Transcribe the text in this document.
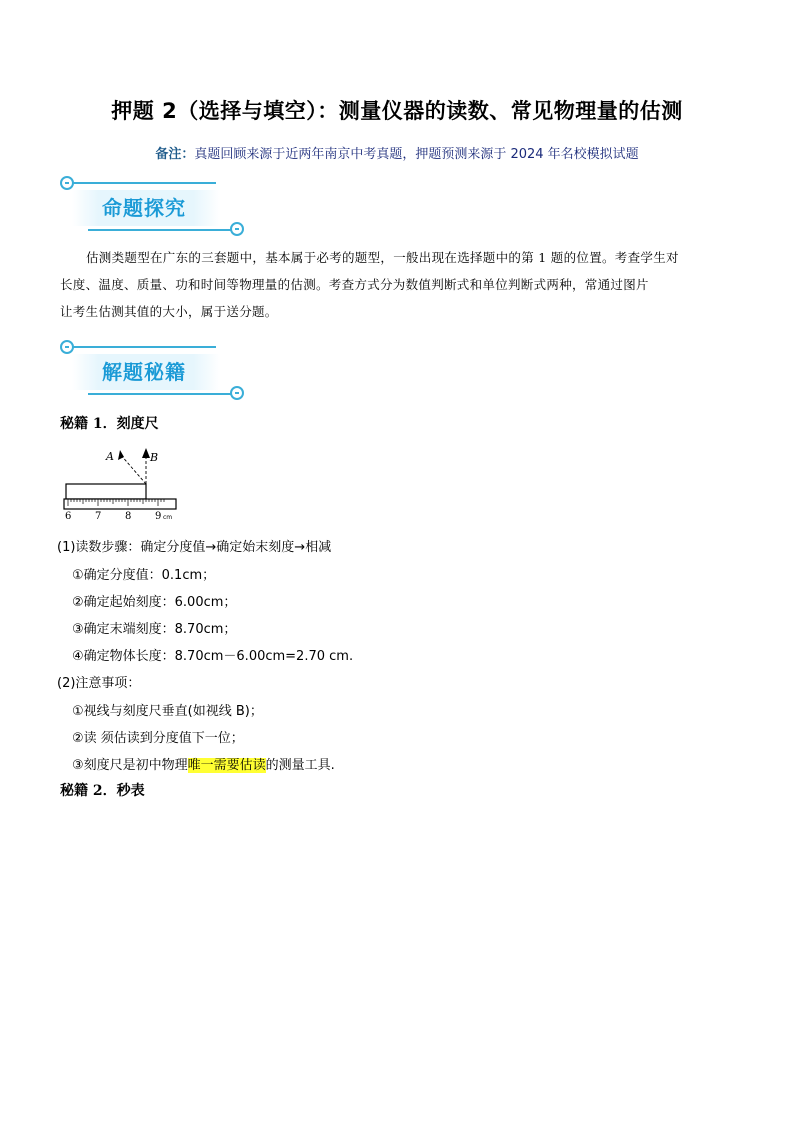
押题 2（选择与填空）：测量仪器的读数、常见物理量的估测
备注：真题回顾来源于近两年南京中考真题，押题预测来源于 2024 年名校模拟试题
命题探究
估测类题型在广东的三套题中，基本属于必考的题型，一般出现在选择题中的第 1 题的位置。考查学生对
长度、温度、质量、功和时间等物理量的估测。考查方式分为数值判断式和单位判断式两种，常通过图片
让考生估测其值的大小，属于送分题。
解题秘籍
秘籍 1．刻度尺
A	B
6 7 8 9 cm
(1)读数步骤：确定分度值→确定始末刻度→相减
①确定分度值：0.1cm；
②确定起始刻度：6.00cm；
③确定末端刻度：8.70cm；
④确定物体长度：8.70cm－6.00cm=2.70 cm.
(2)注意事项：
①视线与刻度尺垂直(如视线 B)；
②读 须估读到分度值下一位；
③刻度尺是初中物理唯一需要估读的测量工具.
秘籍 2．秒表
